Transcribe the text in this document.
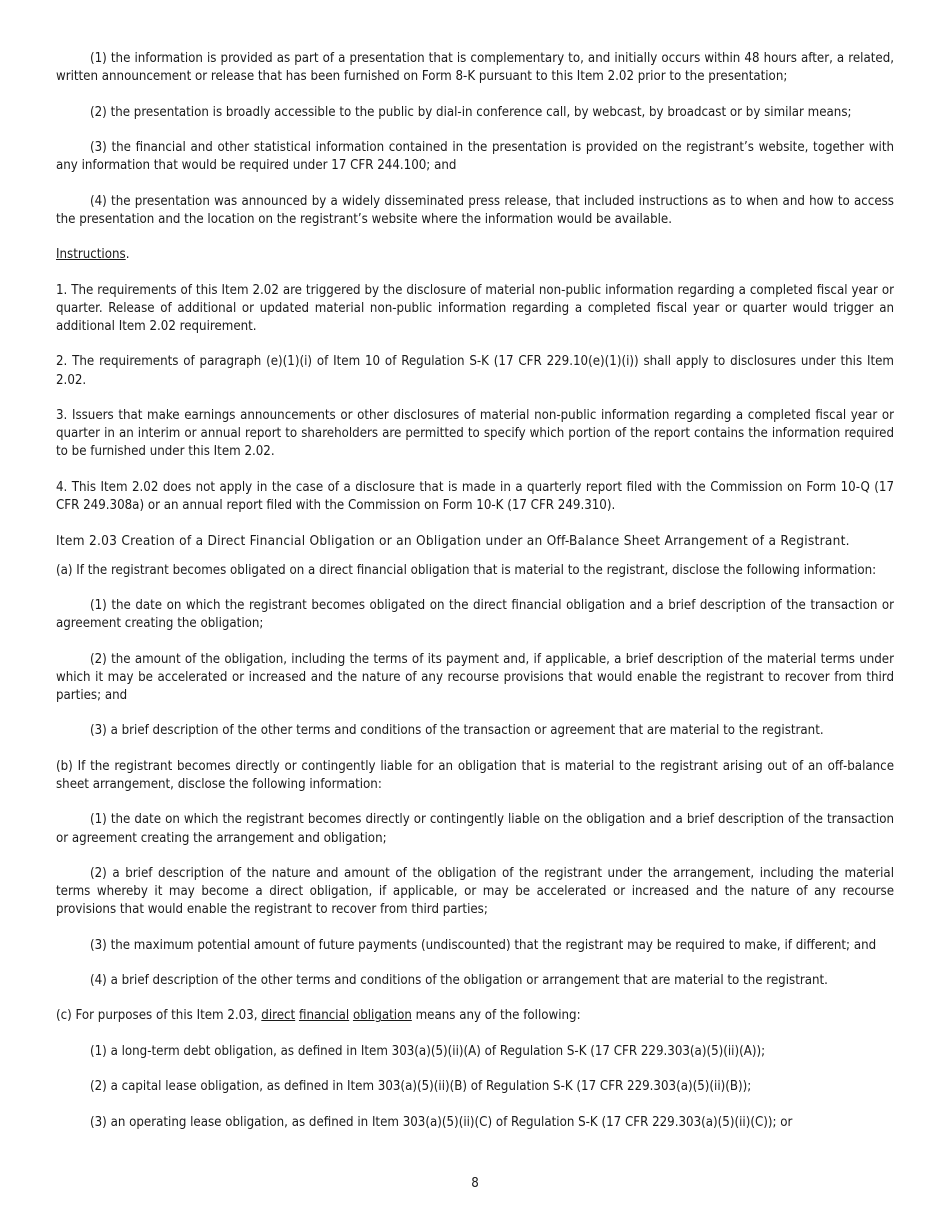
(1) the information is provided as part of a presentation that is complementary to, and initially occurs within 48 hours after, a related, written announcement or release that has been furnished on Form 8-K pursuant to this Item 2.02 prior to the presentation;

(2) the presentation is broadly accessible to the public by dial-in conference call, by webcast, by broadcast or by similar means;

(3) the financial and other statistical information contained in the presentation is provided on the registrant’s website, together with any information that would be required under 17 CFR 244.100; and

(4) the presentation was announced by a widely disseminated press release, that included instructions as to when and how to access the presentation and the location on the registrant’s website where the information would be available.

Instructions.

1. The requirements of this Item 2.02 are triggered by the disclosure of material non-public information regarding a completed fiscal year or quarter. Release of additional or updated material non-public information regarding a completed fiscal year or quarter would trigger an additional Item 2.02 requirement.

2. The requirements of paragraph (e)(1)(i) of Item 10 of Regulation S-K (17 CFR 229.10(e)(1)(i)) shall apply to disclosures under this Item 2.02.

3. Issuers that make earnings announcements or other disclosures of material non-public information regarding a completed fiscal year or quarter in an interim or annual report to shareholders are permitted to specify which portion of the report contains the information required to be furnished under this Item 2.02.

4. This Item 2.02 does not apply in the case of a disclosure that is made in a quarterly report filed with the Commission on Form 10-Q (17 CFR 249.308a) or an annual report filed with the Commission on Form 10-K (17 CFR 249.310).

Item 2.03 Creation of a Direct Financial Obligation or an Obligation under an Off-Balance Sheet Arrangement of a Registrant.

(a) If the registrant becomes obligated on a direct financial obligation that is material to the registrant, disclose the following information:

(1) the date on which the registrant becomes obligated on the direct financial obligation and a brief description of the transaction or agreement creating the obligation;

(2) the amount of the obligation, including the terms of its payment and, if applicable, a brief description of the material terms under which it may be accelerated or increased and the nature of any recourse provisions that would enable the registrant to recover from third parties; and

(3) a brief description of the other terms and conditions of the transaction or agreement that are material to the registrant.

(b) If the registrant becomes directly or contingently liable for an obligation that is material to the registrant arising out of an off-balance sheet arrangement, disclose the following information:

(1) the date on which the registrant becomes directly or contingently liable on the obligation and a brief description of the transaction or agreement creating the arrangement and obligation;

(2) a brief description of the nature and amount of the obligation of the registrant under the arrangement, including the material terms whereby it may become a direct obligation, if applicable, or may be accelerated or increased and the nature of any recourse provisions that would enable the registrant to recover from third parties;

(3) the maximum potential amount of future payments (undiscounted) that the registrant may be required to make, if different; and

(4) a brief description of the other terms and conditions of the obligation or arrangement that are material to the registrant.

(c) For purposes of this Item 2.03, direct financial obligation means any of the following:

(1) a long-term debt obligation, as defined in Item 303(a)(5)(ii)(A) of Regulation S-K (17 CFR 229.303(a)(5)(ii)(A));

(2) a capital lease obligation, as defined in Item 303(a)(5)(ii)(B) of Regulation S-K (17 CFR 229.303(a)(5)(ii)(B));

(3) an operating lease obligation, as defined in Item 303(a)(5)(ii)(C) of Regulation S-K (17 CFR 229.303(a)(5)(ii)(C)); or

8
